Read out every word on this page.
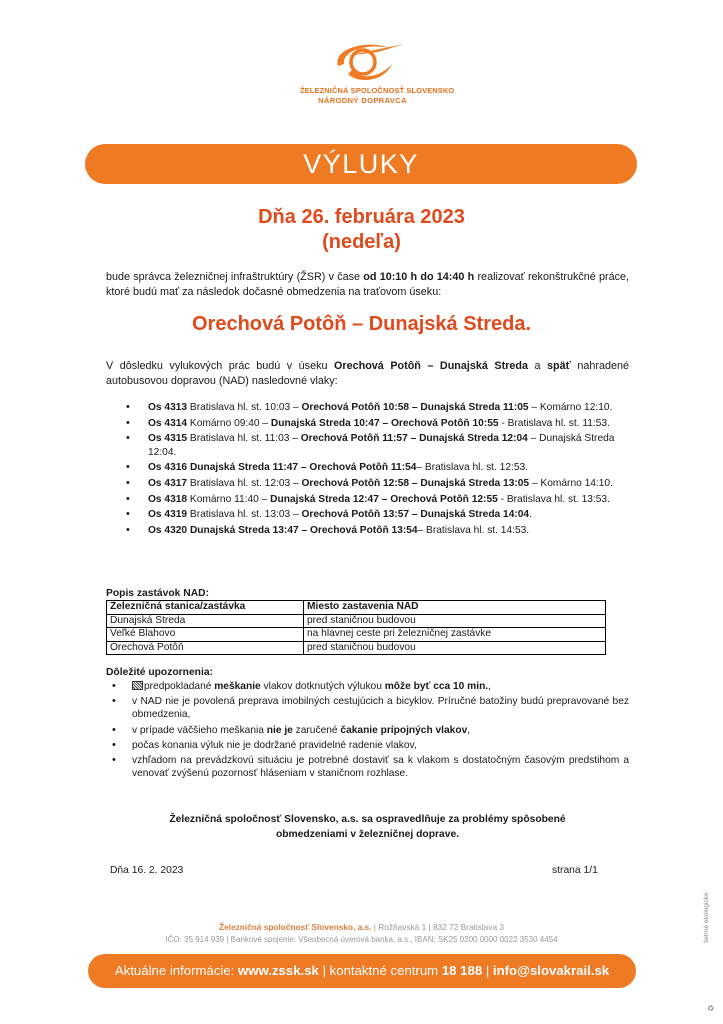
ŽELEZNIČNÁ SPOLOČNOSŤ SLOVENSKO
NÁRODNÝ DOPRAVCA
VÝLUKY
Dňa 26. februára 2023
(nedeľa)

bude správca železničnej infraštruktúry (ŽSR) v čase od 10:10 h do 14:40 h realizovať rekonštrukčné práce, ktoré budú mať za následok dočasné obmedzenia na traťovom úseku:

Orechová Potôň – Dunajská Streda.

V dôsledku vylukových prác budú v úseku Orechová Potôň – Dunajská Streda a späť nahradené autobusovou dopravou (NAD) nasledovné vlaky:

• Os 4313 Bratislava hl. st. 10:03 – Orechová Potôň 10:58 – Dunajská Streda 11:05 – Komárno 12:10.
• Os 4314 Komárno 09:40 – Dunajská Streda 10:47 – Orechová Potôň 10:55 - Bratislava hl. st. 11:53.
• Os 4315 Bratislava hl. st. 11:03 – Orechová Potôň 11:57 – Dunajská Streda 12:04 – Dunajská Streda 12:04.
• Os 4316 Dunajská Streda 11:47 – Orechová Potôň 11:54– Bratislava hl. st. 12:53.
• Os 4317 Bratislava hl. st. 12:03 – Orechová Potôň 12:58 – Dunajská Streda 13:05 – Komárno 14:10.
• Os 4318 Komárno 11:40 – Dunajská Streda 12:47 – Orechová Potôň 12:55 - Bratislava hl. st. 13:53.
• Os 4319 Bratislava hl. st. 13:03 – Orechová Potôň 13:57 – Dunajská Streda 14:04.
• Os 4320 Dunajská Streda 13:47 – Orechová Potôň 13:54– Bratislava hl. st. 14:53.
Popis zastávok NAD:
Železničná stanica/zastávka	Miesto zastavenia NAD
Dunajská Streda	pred staničnou budovou
Veľké Blahovo	na hlavnej ceste pri železničnej zastávke
Orechová Potôň	pred staničnou budovou
Dôležité upozornenia:
• predpokladané meškanie vlakov dotknutých výlukou môže byť cca 10 min.,
• v NAD nie je povolená preprava imobilných cestujúcich a bicyklov. Príručné batožiny budú prepravované bez obmedzenia,
• v prípade väčšieho meškania nie je zaručené čakanie prípojných vlakov,
• počas konania výluk nie je dodržané pravidelné radenie vlakov,
• vzhľadom na prevádzkovú situáciu je potrebné dostaviť sa k vlakom s dostatočným časovým predstihom a venovať zvýšenú pozornosť hláseniam v staničnom rozhlase.
Železničná spoločnosť Slovensko, a.s. sa ospravedlňuje za problémy spôsobené
obmedzeniami v železničnej doprave.
Dňa 16. 2. 2023	strana 1/1
Železničná spoločnosť Slovensko, a.s. | Rožňavská 1 | 832 72 Bratislava 3
IČO: 35 914 939 | Bankové spojenie: Všeobecná úverová banka, a.s., IBAN: SK25 0200 0000 0022 3530 4454
Aktuálne informácie: www.zssk.sk | kontaktné centrum 18 188 | info@slovakrail.sk
šetrné ekologické
♻
